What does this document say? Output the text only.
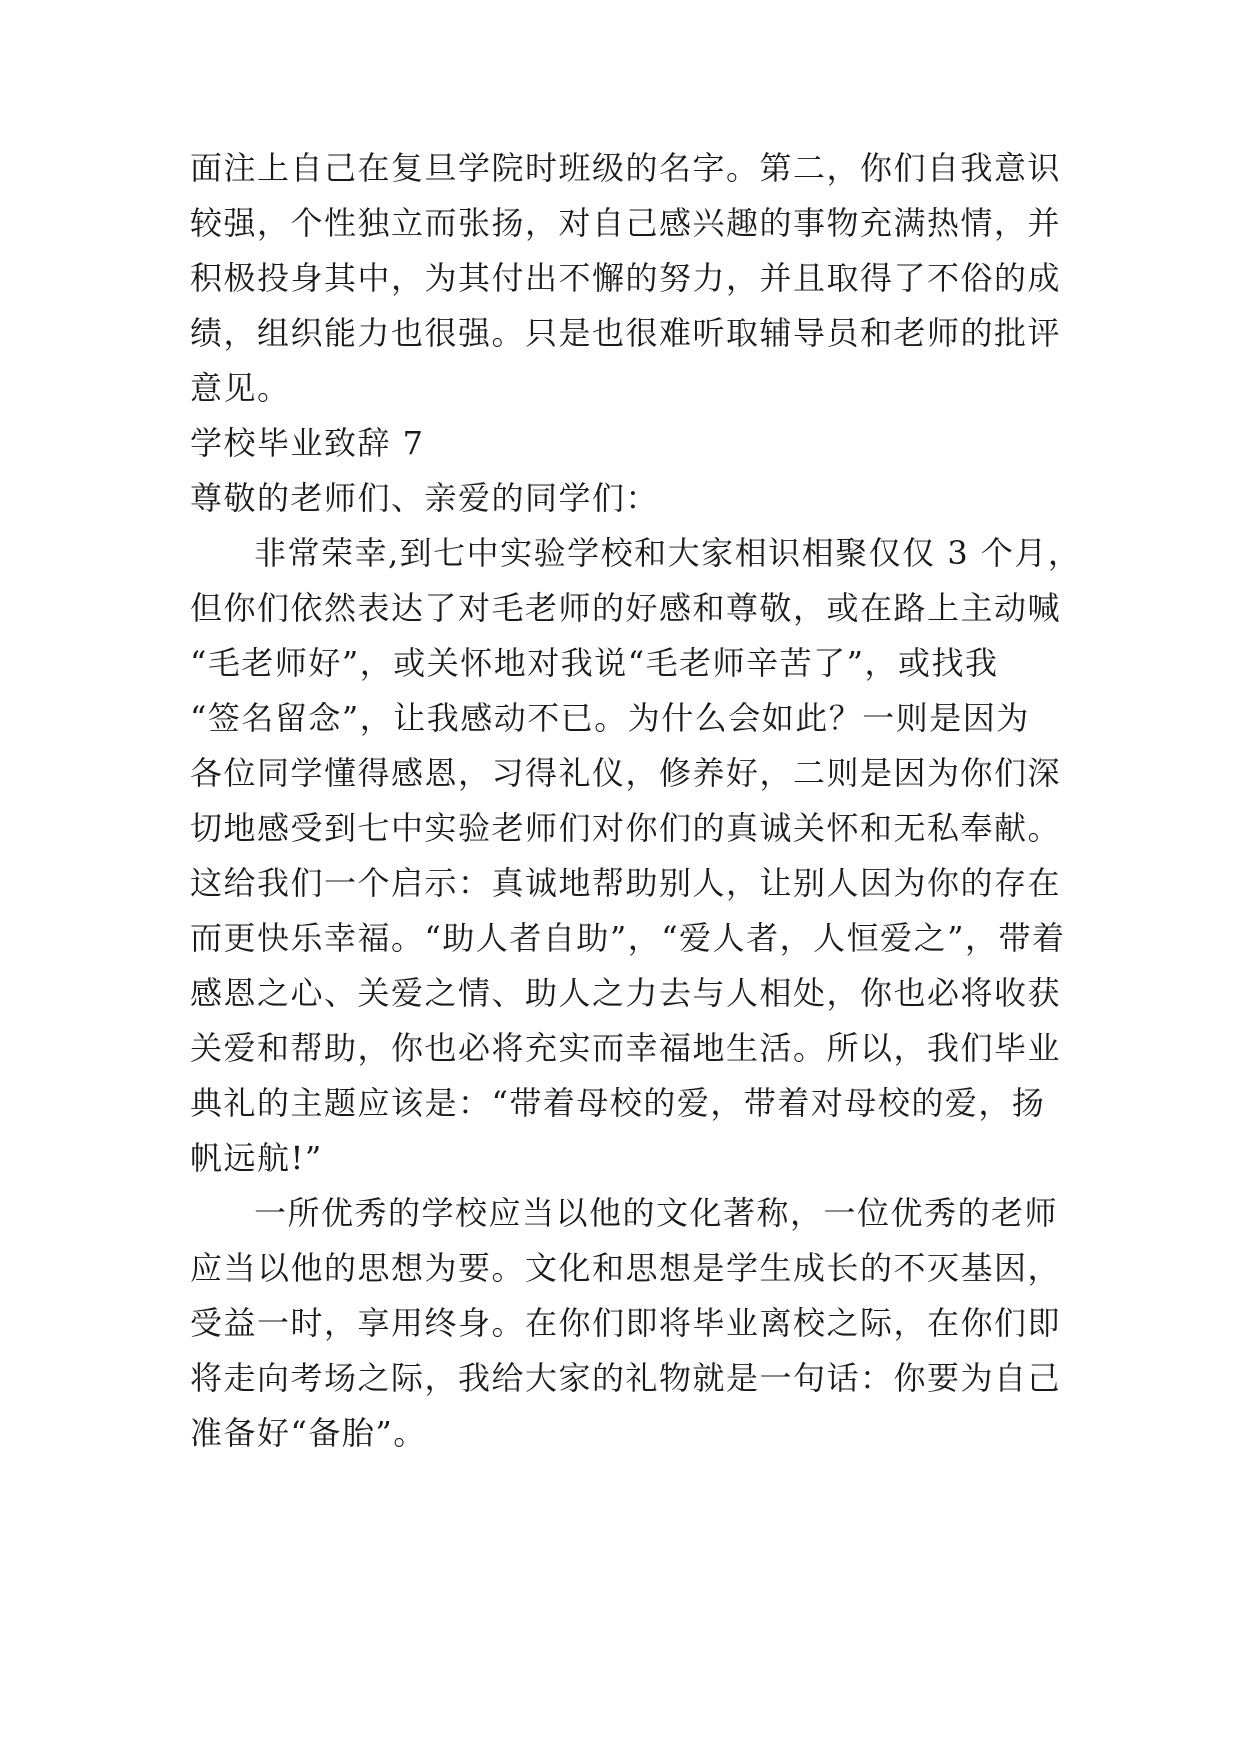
面注上自己在复旦学院时班级的名字。第二，你们自我意识
较强，个性独立而张扬，对自己感兴趣的事物充满热情，并
积极投身其中，为其付出不懈的努力，并且取得了不俗的成
绩，组织能力也很强。只是也很难听取辅导员和老师的批评
意见。
学校毕业致辞 7
尊敬的老师们、亲爱的同学们：
非常荣幸,到七中实验学校和大家相识相聚仅仅 3 个月，
但你们依然表达了对毛老师的好感和尊敬，或在路上主动喊
“毛老师好”，或关怀地对我说“毛老师辛苦了”，或找我
“签名留念”，让我感动不已。为什么会如此？一则是因为
各位同学懂得感恩，习得礼仪，修养好，二则是因为你们深
切地感受到七中实验老师们对你们的真诚关怀和无私奉献。
这给我们一个启示：真诚地帮助别人，让别人因为你的存在
而更快乐幸福。“助人者自助”，“爱人者，人恒爱之”，带着
感恩之心、关爱之情、助人之力去与人相处，你也必将收获
关爱和帮助，你也必将充实而幸福地生活。所以，我们毕业
典礼的主题应该是：“带着母校的爱，带着对母校的爱，扬
帆远航!”
一所优秀的学校应当以他的文化著称，一位优秀的老师
应当以他的思想为要。文化和思想是学生成长的不灭基因，
受益一时，享用终身。在你们即将毕业离校之际，在你们即
将走向考场之际，我给大家的礼物就是一句话：你要为自己
准备好“备胎”。
